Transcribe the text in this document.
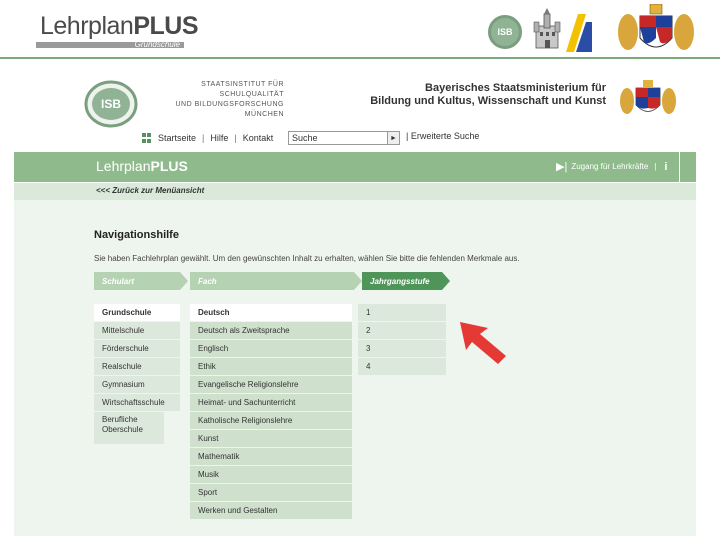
LehrplanPLUS
Grundschule
ISB
ISB
STAATSINSTITUT FÜR SCHULQUALITÄT
UND BILDUNGSFORSCHUNG
MÜNCHEN
Bayerisches Staatsministerium für
Bildung und Kultus, Wissenschaft und Kunst
Startseite | Hilfe | Kontakt	Suche	►	| Erweiterte Suche
LehrplanPLUS	▶| Zugang für Lehrkräfte | i
<<< Zurück zur Menüansicht
Navigationshilfe
Sie haben Fachlehrplan gewählt. Um den gewünschten Inhalt zu erhalten, wählen Sie bitte die fehlenden Merkmale aus.
Schulart	Fach	Jahrgangsstufe
Grundschule
Mittelschule
Förderschule
Realschule
Gymnasium
Wirtschaftsschule
Berufliche Oberschule
Deutsch
Deutsch als Zweitsprache
Englisch
Ethik
Evangelische Religionslehre
Heimat- und Sachunterricht
Katholische Religionslehre
Kunst
Mathematik
Musik
Sport
Werken und Gestalten
1
2
3
4
